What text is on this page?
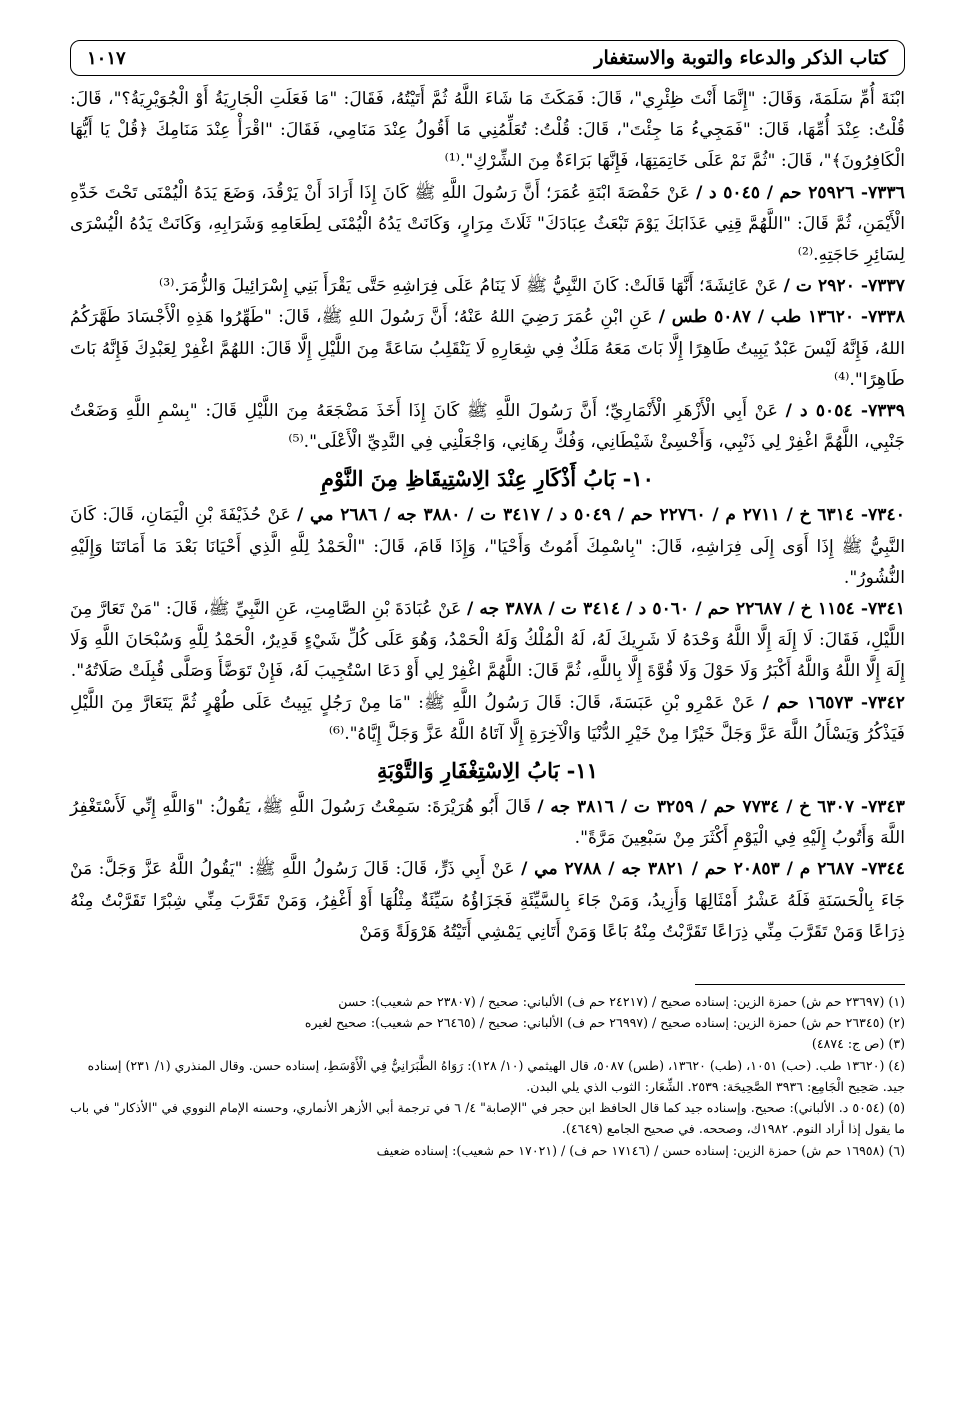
كتاب الذكر والدعاء والتوبة والاستغفار
١٠١٧

ابْنَةَ أُمِّ سَلَمَةَ، وَقَالَ: "إِنَّمَا أَنْتَ ظِئْرِي"، قَالَ: فَمَكَثَ مَا شَاءَ اللَّهُ ثُمَّ أَتَيْتُهُ، فَقَالَ: "مَا فَعَلَتِ الْجَارِيَةُ أَوْ الْجُوَيْرِيَةُ؟"، قَالَ: قُلْتُ: عِنْدَ أُمِّهَا، قَالَ: "فَمَجِيءُ مَا جِئْتَ"، قَالَ: قُلْتُ: تُعَلِّمُنِي مَا أَقُولُ عِنْدَ مَنَامِي، فَقَالَ: "اقْرَأْ عِنْدَ مَنَامِكَ ﴿قُلْ يَا أَيُّهَا الْكَافِرُونَ﴾"، قَالَ: "ثُمَّ نَمْ عَلَى خَاتِمَتِهَا، فَإِنَّهَا بَرَاءَةٌ مِنَ الشِّرْكِ".⁽¹⁾

٧٣٣٦- ٢٥٩٢٦ حم / ٥٠٤٥ د / عَنْ حَفْصَةَ ابْنَةِ عُمَرَ؛ أَنَّ رَسُولَ اللَّهِ ﷺ كَانَ إِذَا أَرَادَ أَنْ يَرْقُدَ، وَضَعَ يَدَهُ الْيُمْنَى تَحْتَ خَدِّهِ الْأَيْمَنِ، ثُمَّ قَالَ: "اللَّهُمَّ قِنِي عَذَابَكَ يَوْمَ تَبْعَثُ عِبَادَكَ" ثَلَاثَ مِرَارٍ، وَكَانَتْ يَدُهُ الْيُمْنَى لِطَعَامِهِ وَشَرَابِهِ، وَكَانَتْ يَدُهُ الْيُسْرَى لِسَائِرِ حَاجَتِهِ.⁽²⁾

٧٣٣٧- ٢٩٢٠ ت / عَنْ عَائِشَةَ؛ أَنَّهَا قَالَتْ: كَانَ النَّبِيُّ ﷺ لَا يَنَامُ عَلَى فِرَاشِهِ حَتَّى يَقْرَأَ بَنِي إِسْرَائِيلَ وَالزُّمَرَ.⁽³⁾

٧٣٣٨- ١٣٦٢٠ طب / ٥٠٨٧ طس / عَنِ ابْنِ عُمَرَ رَضِيَ اللهُ عَنْهُ؛ أَنَّ رَسُولَ اللهِ ﷺ، قَالَ: "طَهِّرُوا هَذِهِ الْأَجْسَادَ طَهَّرَكُمُ اللهُ، فَإِنَّهُ لَيْسَ عَبْدٌ يَبِيتُ طَاهِرًا إِلَّا بَاتَ مَعَهُ مَلَكٌ فِي شِعَارِهِ لَا يَنْقَلِبُ سَاعَةً مِنَ اللَّيْلِ إِلَّا قَالَ: اللهُمَّ اغْفِرْ لِعَبْدِكَ فَإِنَّهُ بَاتَ طَاهِرًا".⁽⁴⁾

٧٣٣٩- ٥٠٥٤ د / عَنْ أَبِي الْأَزْهَرِ الْأَنْمَارِيِّ؛ أَنَّ رَسُولَ اللَّهِ ﷺ كَانَ إِذَا أَخَذَ مَضْجَعَهُ مِنَ اللَّيْلِ قَالَ: "بِسْمِ اللَّهِ وَضَعْتُ جَنْبِي، اللَّهُمَّ اغْفِرْ لِي ذَنْبِي، وَأَخْسِئْ شَيْطَانِي، وَفُكَّ رِهَانِي، وَاجْعَلْنِي فِي النَّدِيِّ الْأَعْلَى".⁽⁵⁾

١٠- بَابُ أَذْكَارِ عِنْدَ الِاسْتِيقَاظِ مِنَ النَّوْمِ

٧٣٤٠- ٦٣١٤ خ / ٢٧١١ م / ٢٢٧٦٠ حم / ٥٠٤٩ د / ٣٤١٧ ت / ٣٨٨٠ جه / ٢٦٨٦ مي / عَنْ حُذَيْفَةَ بْنِ الْيَمَانِ، قَالَ: كَانَ النَّبِيُّ ﷺ إِذَا أَوَى إِلَى فِرَاشِهِ، قَالَ: "بِاسْمِكَ أَمُوتُ وَأَحْيَا"، وَإِذَا قَامَ، قَالَ: "الْحَمْدُ لِلَّهِ الَّذِي أَحْيَانَا بَعْدَ مَا أَمَاتَنَا وَإِلَيْهِ النُّشُورُ".

٧٣٤١- ١١٥٤ خ / ٢٢٦٨٧ حم / ٥٠٦٠ د / ٣٤١٤ ت / ٣٨٧٨ جه / عَنْ عُبَادَةَ بْنِ الصَّامِتِ، عَنِ النَّبِيِّ ﷺ، قَالَ: "مَنْ تَعَارَّ مِنَ اللَّيْلِ، فَقَالَ: لَا إِلَهَ إِلَّا اللَّهُ وَحْدَهُ لَا شَرِيكَ لَهُ، لَهُ الْمُلْكُ وَلَهُ الْحَمْدُ، وَهُوَ عَلَى كُلِّ شَيْءٍ قَدِيرٌ، الْحَمْدُ لِلَّهِ وَسُبْحَانَ اللَّهِ وَلَا إِلَهَ إِلَّا اللَّهُ وَاللَّهُ أَكْبَرُ وَلَا حَوْلَ وَلَا قُوَّةَ إِلَّا بِاللَّهِ، ثُمَّ قَالَ: اللَّهُمَّ اغْفِرْ لِي أَوْ دَعَا اسْتُجِيبَ لَهُ، فَإِنْ تَوَضَّأَ وَصَلَّى قُبِلَتْ صَلَاتُهُ".

٧٣٤٢- ١٦٥٧٣ حم / عَنْ عَمْرِو بْنِ عَبَسَةَ، قَالَ: قَالَ رَسُولُ اللَّهِ ﷺ: "مَا مِنْ رَجُلٍ يَبِيتُ عَلَى طُهْرٍ ثُمَّ يَتَعَارَّ مِنَ اللَّيْلِ فَيَذْكُرُ وَيَسْأَلُ اللَّهَ عَزَّ وَجَلَّ خَيْرًا مِنْ خَيْرِ الدُّنْيَا وَالْآخِرَةِ إِلَّا آتَاهُ اللَّهُ عَزَّ وَجَلَّ إِيَّاهُ".⁽⁶⁾

١١- بَابُ الِاسْتِغْفَارِ وَالتَّوْبَةِ

٧٣٤٣- ٦٣٠٧ خ / ٧٧٣٤ حم / ٣٢٥٩ ت / ٣٨١٦ جه / قَالَ أَبُو هُرَيْرَةَ: سَمِعْتُ رَسُولَ اللَّهِ ﷺ، يَقُولُ: "وَاللَّهِ إِنِّي لَأَسْتَغْفِرُ اللَّهَ وَأَتُوبُ إِلَيْهِ فِي الْيَوْمِ أَكْثَرَ مِنْ سَبْعِينَ مَرَّةً".

٧٣٤٤- ٢٦٨٧ م / ٢٠٨٥٣ حم / ٣٨٢١ جه / ٢٧٨٨ مي / عَنْ أَبِي ذَرٍّ، قَالَ: قَالَ رَسُولُ اللَّهِ ﷺ: "يَقُولُ اللَّهُ عَزَّ وَجَلَّ: مَنْ جَاءَ بِالْحَسَنَةِ فَلَهُ عَشْرُ أَمْثَالِهَا وَأَزِيدُ، وَمَنْ جَاءَ بِالسَّيِّئَةِ فَجَزَاؤُهُ سَيِّئَةٌ مِثْلُهَا أَوْ أَغْفِرُ، وَمَنْ تَقَرَّبَ مِنِّي شِبْرًا تَقَرَّبْتُ مِنْهُ ذِرَاعًا وَمَنْ تَقَرَّبَ مِنِّي ذِرَاعًا تَقَرَّبْتُ مِنْهُ بَاعًا وَمَنْ أَتَانِي يَمْشِي أَتَيْتُهُ هَرْوَلَةً وَمَنْ

(١) (٢٣٦٩٧ حم ش) حمزة الزين: إسناده صحيح / (٢٤٢١٧ حم ف) الألباني: صحيح / (٢٣٨٠٧ حم شعيب): حسن

(٢) (٢٦٣٤٥ حم ش) حمزة الزين: إسناده صحيح / (٢٦٩٩٧ حم ف) الألباني: صحيح / (٢٦٤٦٥ حم شعيب): صحيح لغيره

(٣) (ص ج: ٤٨٧٤)

(٤) (١٣٦٢٠ طب. (حب) ١٠٥١، (طب) ١٣٦٢٠، (طس) ٥٠٨٧، قال الهيثمي (١٠/ ١٢٨): رَوَاهُ الطَّبَرَانِيُّ فِي الْأَوْسَطِ، إسناده حسن. وقال المنذري (١/ ٢٣١) إسناده جيد. صَحِيح الْجَامِع: ٣٩٣٦ الصَّحِيحَة: ٢٥٣٩. الشِّعَار: الثوب الذي يلي البدن.

(٥) (٥٠٥٤ د. الألباني): صحيح. وإسناده جيد كما قال الحافظ ابن حجر في "الإصابة" ٤/ ٦ في ترجمة أبي الأزهر الأنماري، وحسنه الإمام النووي في "الأذكار" في باب ما يقول إذا أراد النوم. ١٩٨٢ك، وصححه. في صحيح الجامع (٤٦٤٩).

(٦) (١٦٩٥٨ حم ش) حمزة الزين: إسناده حسن / (١٧١٤٦ حم ف) / (١٧٠٢١ حم شعيب): إسناده ضعيف
